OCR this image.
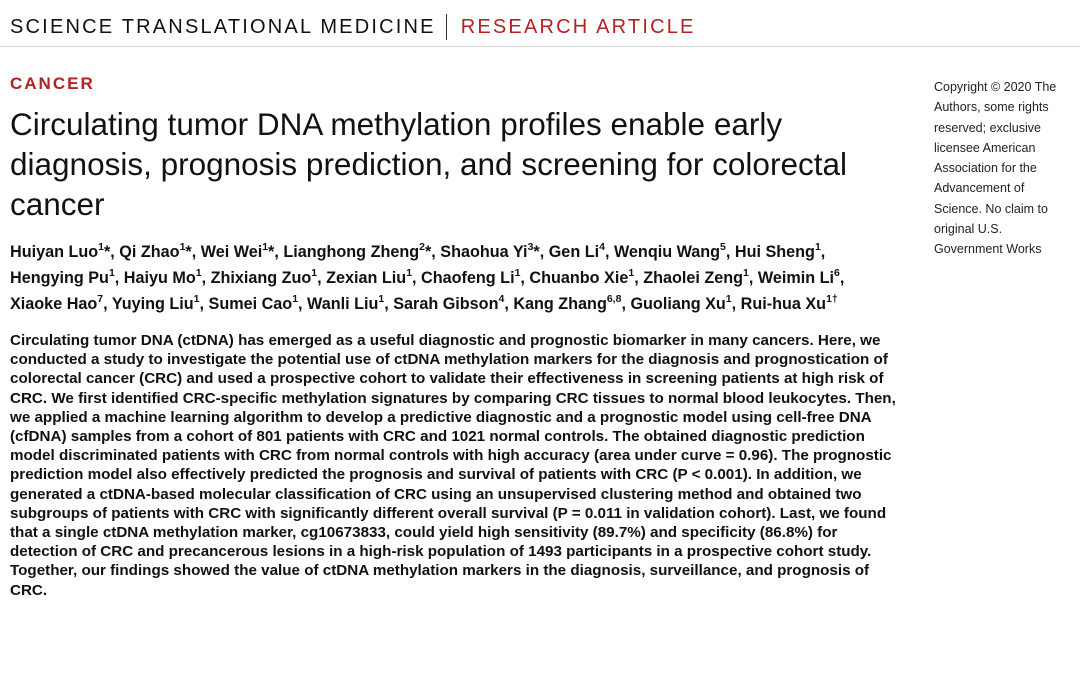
SCIENCE TRANSLATIONAL MEDICINE RESEARCH ARTICLE

CANCER

Circulating tumor DNA methylation profiles enable early diagnosis, prognosis prediction, and screening for colorectal cancer
Huiyan Luo$^1$*, Qi Zhao$^1$*, Wei Wei$^1$*, Lianghong Zheng$^2$*, Shaohua Yi$^3$*, Gen Li$^4$, Wenqiu Wang$^5$, Hui Sheng$^1$, Hengying Pu$^1$, Haiyu Mo$^1$, Zhixiang Zuo$^1$, Zexian Liu$^1$, Chaofeng Li$^1$, Chuanbo Xie$^1$, Zhaolei Zeng$^1$, Weimin Li$^6$, Xiaoke Hao$^7$, Yuying Liu$^1$, Sumei Cao$^1$, Wanli Liu$^1$, Sarah Gibson$^4$, Kang Zhang$^{6,8}$, Guoliang Xu$^1$, Rui-hua $Xu^{1\dagger}$

Circulating tumor DNA (ctDNA) has emerged as a useful diagnostic and prognostic biomarker in many cancers. Here, we conducted a study to investigate the potential use of ctDNA methylation markers for the diagnosis and prognostication of colorectal cancer (CRC) and used a prospective cohort to validate their effectiveness in screening patients at high risk of CRC. We first identified CRC-specific methylation signatures by comparing CRC tissues to normal blood leukocytes. Then, we applied a machine learning algorithm to develop a predictive diagnostic and a prognostic model using cell-free DNA (cfDNA) samples from a cohort of 801 patients with CRC and 1021 normal controls. The obtained diagnostic prediction model discriminated patients with CRC from normal controls with high accuracy (area under curve = 0.96). The prognostic prediction model also effectively predicted the prognosis and survival of patients with CRC (P < 0.001). In addition, we generated a ctDNA-based molecular classification of CRC using an unsupervised clustering method and obtained two subgroups of patients with CRC with significantly different overall survival (P = 0.011 in validation cohort). Last, we found that a single ctDNA methylation marker, cg10673833, could yield high sensitivity (89.7%) and specificity (86.8%) for detection of CRC and precancerous lesions in a high-risk population of 1493 participants in a prospective cohort study. Together, our findings showed the value of ctDNA methylation markers in the diagnosis, surveillance, and prognosis of CRC.

Copyright © 2020 The Authors, some rights reserved; exclusive licensee American Association for the Advancement of Science. No claim to original U.S. Government Works
